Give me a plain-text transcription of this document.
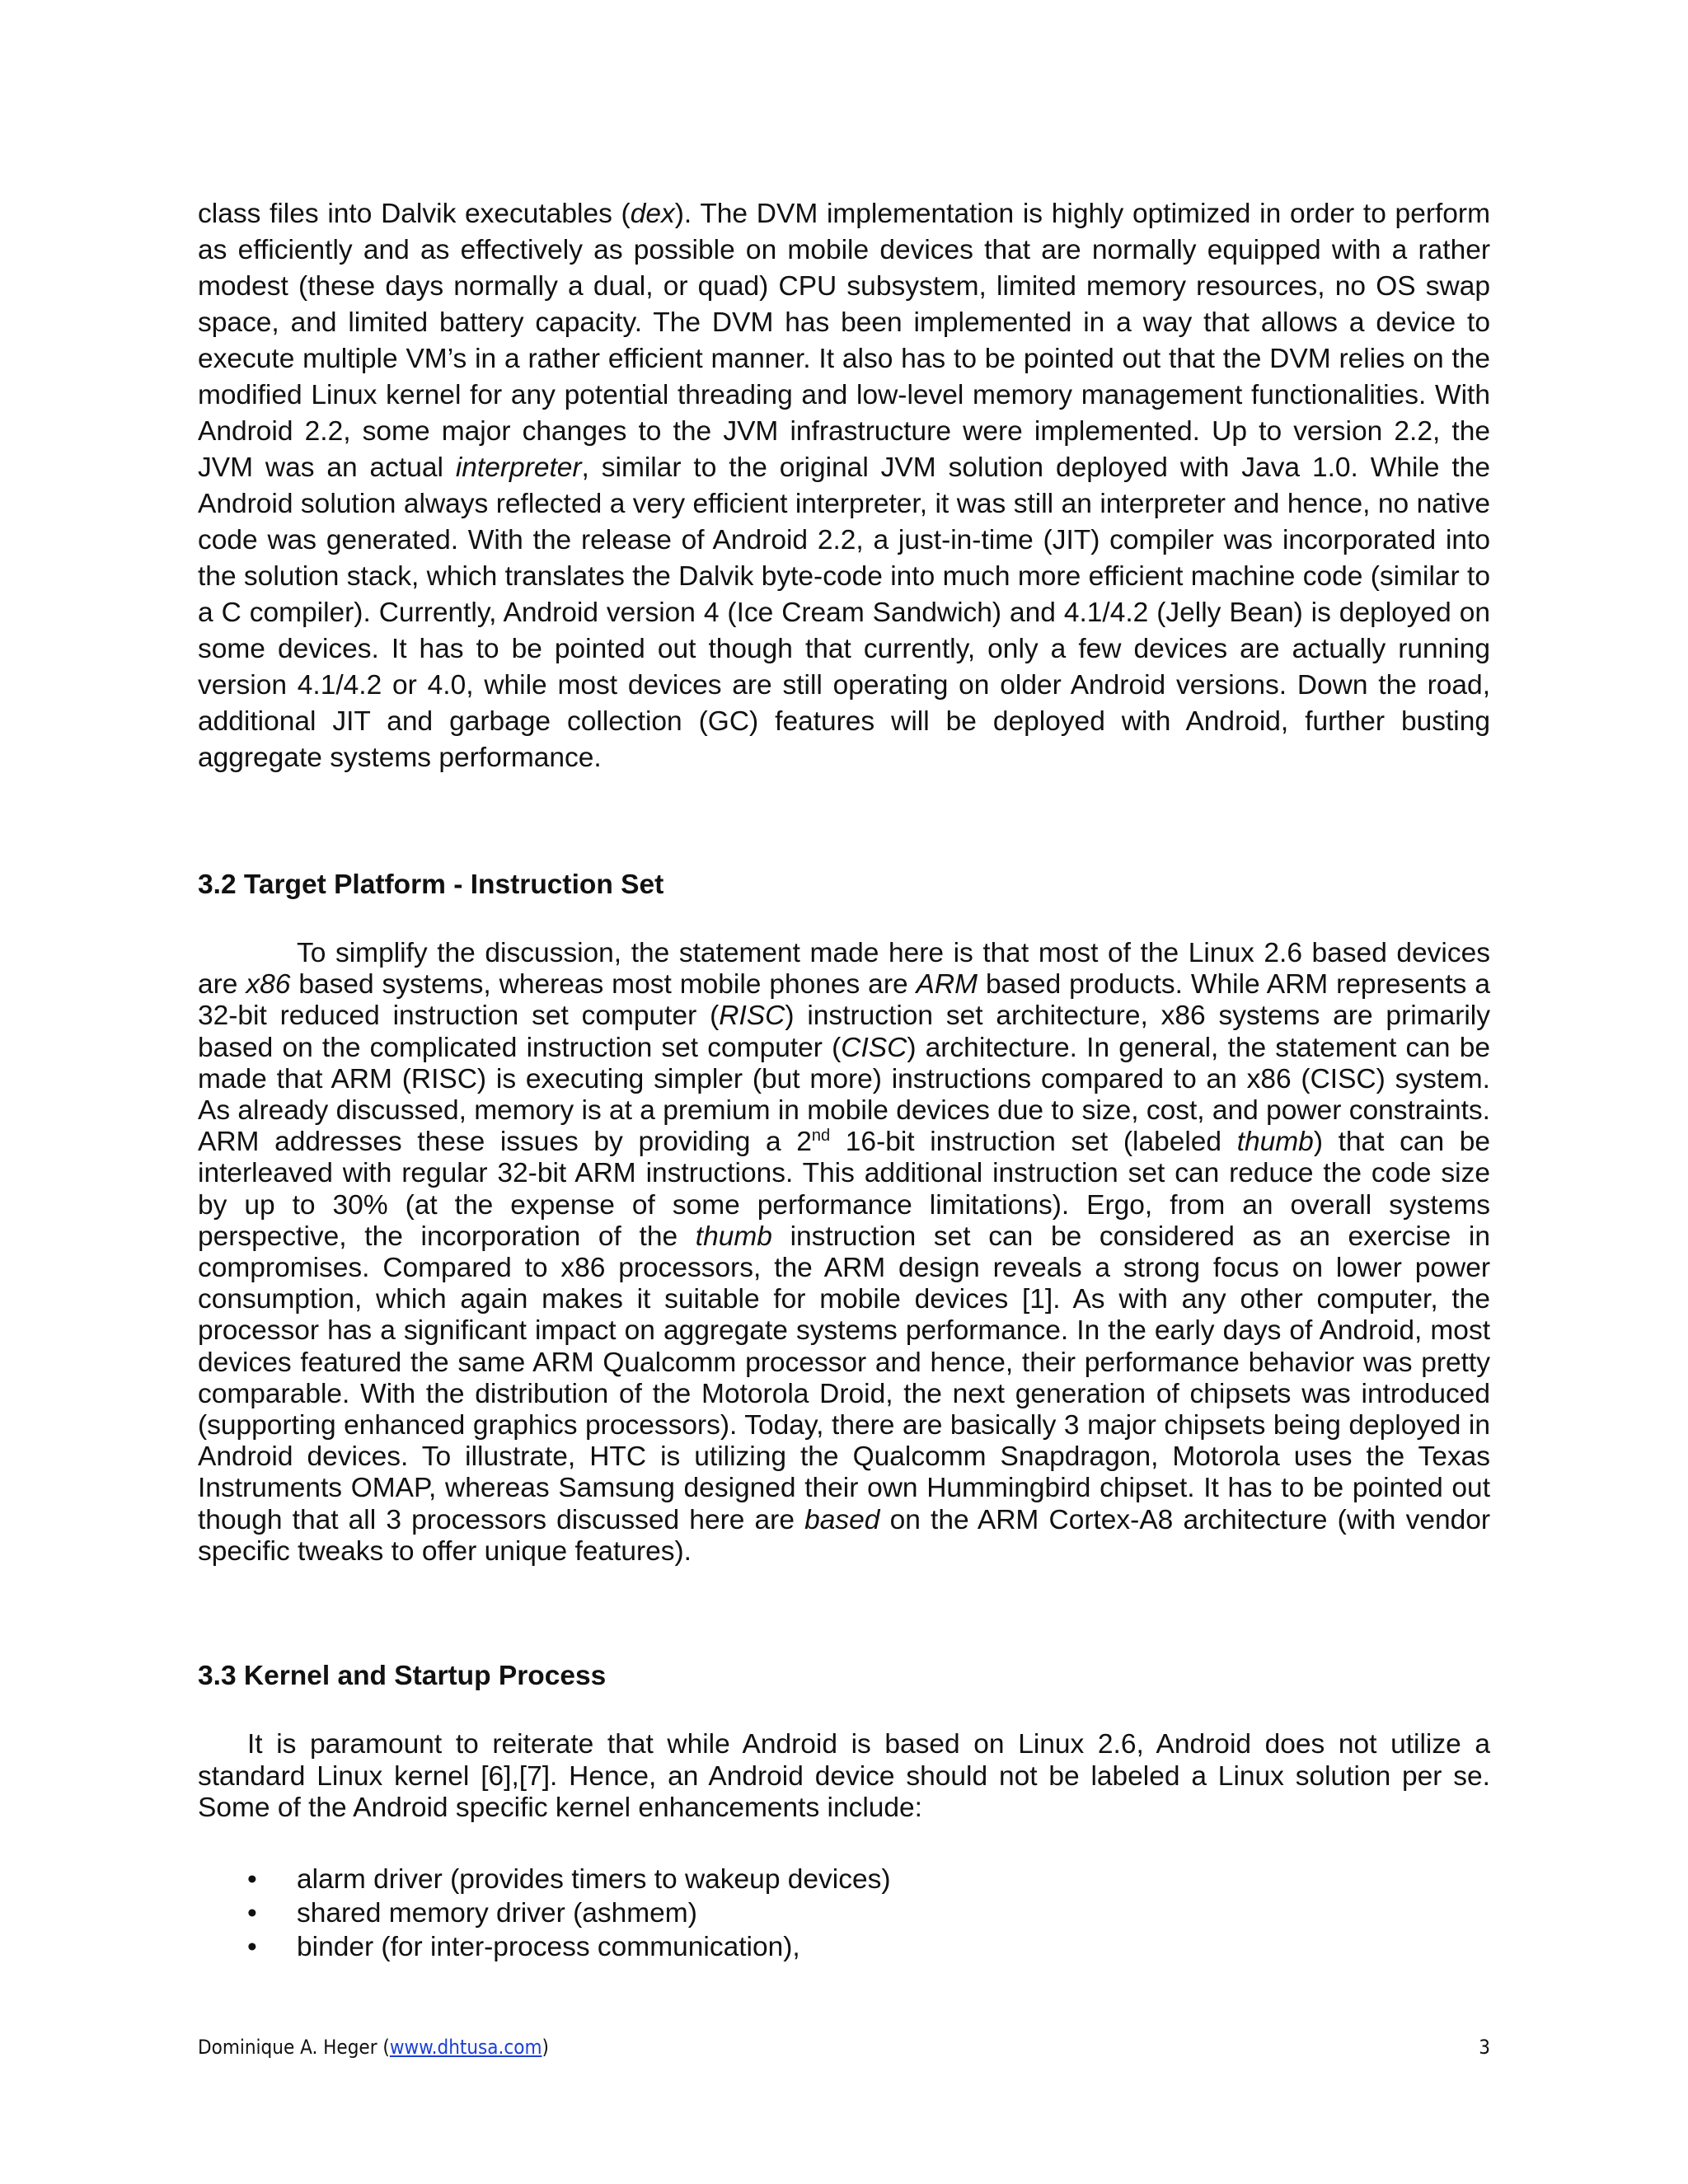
class files into Dalvik executables (dex). The DVM implementation is highly optimized in order to perform as efficiently and as effectively as possible on mobile devices that are normally equipped with a rather modest (these days normally a dual, or quad) CPU subsystem, limited memory resources, no OS swap space, and limited battery capacity. The DVM has been implemented in a way that allows a device to execute multiple VM’s in a rather efficient manner. It also has to be pointed out that the DVM relies on the modified Linux kernel for any potential threading and low-level memory management functionalities. With Android 2.2, some major changes to the JVM infrastructure were implemented. Up to version 2.2, the JVM was an actual interpreter, similar to the original JVM solution deployed with Java 1.0. While the Android solution always reflected a very efficient interpreter, it was still an interpreter and hence, no native code was generated. With the release of Android 2.2, a just-in-time (JIT) compiler was incorporated into the solution stack, which translates the Dalvik byte-code into much more efficient machine code (similar to a C compiler). Currently, Android version 4 (Ice Cream Sandwich) and 4.1/4.2 (Jelly Bean) is deployed on some devices. It has to be pointed out though that currently, only a few devices are actually running version 4.1/4.2 or 4.0, while most devices are still operating on older Android versions. Down the road, additional JIT and garbage collection (GC) features will be deployed with Android, further busting aggregate systems performance.

3.2 Target Platform - Instruction Set

To simplify the discussion, the statement made here is that most of the Linux 2.6 based devices are x86 based systems, whereas most mobile phones are ARM based products. While ARM represents a 32-bit reduced instruction set computer (RISC) instruction set architecture, x86 systems are primarily based on the complicated instruction set computer (CISC) architecture. In general, the statement can be made that ARM (RISC) is executing simpler (but more) instructions compared to an x86 (CISC) system. As already discussed, memory is at a premium in mobile devices due to size, cost, and power constraints. ARM addresses these issues by providing a 2nd 16-bit instruction set (labeled thumb) that can be interleaved with regular 32-bit ARM instructions. This additional instruction set can reduce the code size by up to 30% (at the expense of some performance limitations). Ergo, from an overall systems perspective, the incorporation of the thumb instruction set can be considered as an exercise in compromises. Compared to x86 processors, the ARM design reveals a strong focus on lower power consumption, which again makes it suitable for mobile devices [1]. As with any other computer, the processor has a significant impact on aggregate systems performance. In the early days of Android, most devices featured the same ARM Qualcomm processor and hence, their performance behavior was pretty comparable. With the distribution of the Motorola Droid, the next generation of chipsets was introduced (supporting enhanced graphics processors). Today, there are basically 3 major chipsets being deployed in Android devices. To illustrate, HTC is utilizing the Qualcomm Snapdragon, Motorola uses the Texas Instruments OMAP, whereas Samsung designed their own Hummingbird chipset. It has to be pointed out though that all 3 processors discussed here are based on the ARM Cortex-A8 architecture (with vendor specific tweaks to offer unique features).

3.3 Kernel and Startup Process

It is paramount to reiterate that while Android is based on Linux 2.6, Android does not utilize a standard Linux kernel [6],[7]. Hence, an Android device should not be labeled a Linux solution per se. Some of the Android specific kernel enhancements include:

• alarm driver (provides timers to wakeup devices)
• shared memory driver (ashmem)
• binder (for inter-process communication),
Dominique A. Heger (www.dhtusa.com)	3
